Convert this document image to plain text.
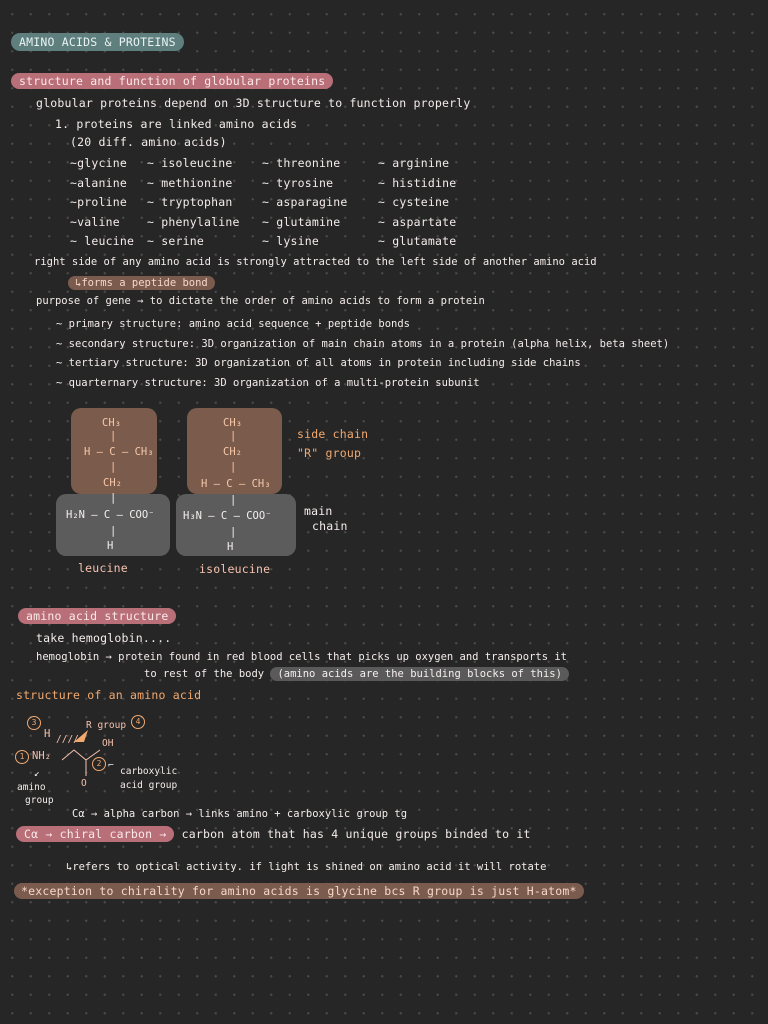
AMINO ACIDS & PROTEINS
structure and function of globular proteins
globular proteins depend on 3D structure to function properly
1. proteins are linked amino acids
(20 diff. amino acids)
~glycine
~alanine
~proline
~valine
~ leucine
~ isoleucine
~ methionine
~ tryptophan
~ phenylaline
~ serine
~ threonine
~ tyrosine
~ asparagine
~ glutamine
~ lysine
~ arginine
~ histidine
~ cysteine
~ aspartate
~ glutamate
right side of any amino acid is strongly attracted to the left side of another amino acid
↳forms a peptide bond
purpose of gene → to dictate the order of amino acids to form a protein
~ primary structure: amino acid sequence + peptide bonds
~ secondary structure: 3D organization of main chain atoms in a protein (alpha helix, beta sheet)
~ tertiary structure: 3D organization of all atoms in protein including side chains
~ quarternary structure: 3D organization of a multi-protein subunit
CH₃
|
H – C – CH₃
|
CH₂
|
H₂N – C – COO⁻
|
H
CH₃
|
CH₂
|
H – C – CH₃
|
H₃N – C – COO⁻
|
H
leucine	isoleucine
side chain
"R" group
main
chain
amino acid structure
take hemoglobin....
hemoglobin → protein found in red blood cells that picks up oxygen and transports it
to rest of the body (amino acids are the building blocks of this)
structure of an amino acid
3
H ////
R group	4
OH
1 NH₂
2
O
⌐
carboxylic
acid group
↙
amino
group
Cα → alpha carbon → links amino + carboxylic group tg
Cα → chiral carbon → carbon atom that has 4 unique groups binded to it
↳refers to optical activity. if light is shined on amino acid it will rotate
*exception to chirality for amino acids is glycine bcs R group is just H-atom*
